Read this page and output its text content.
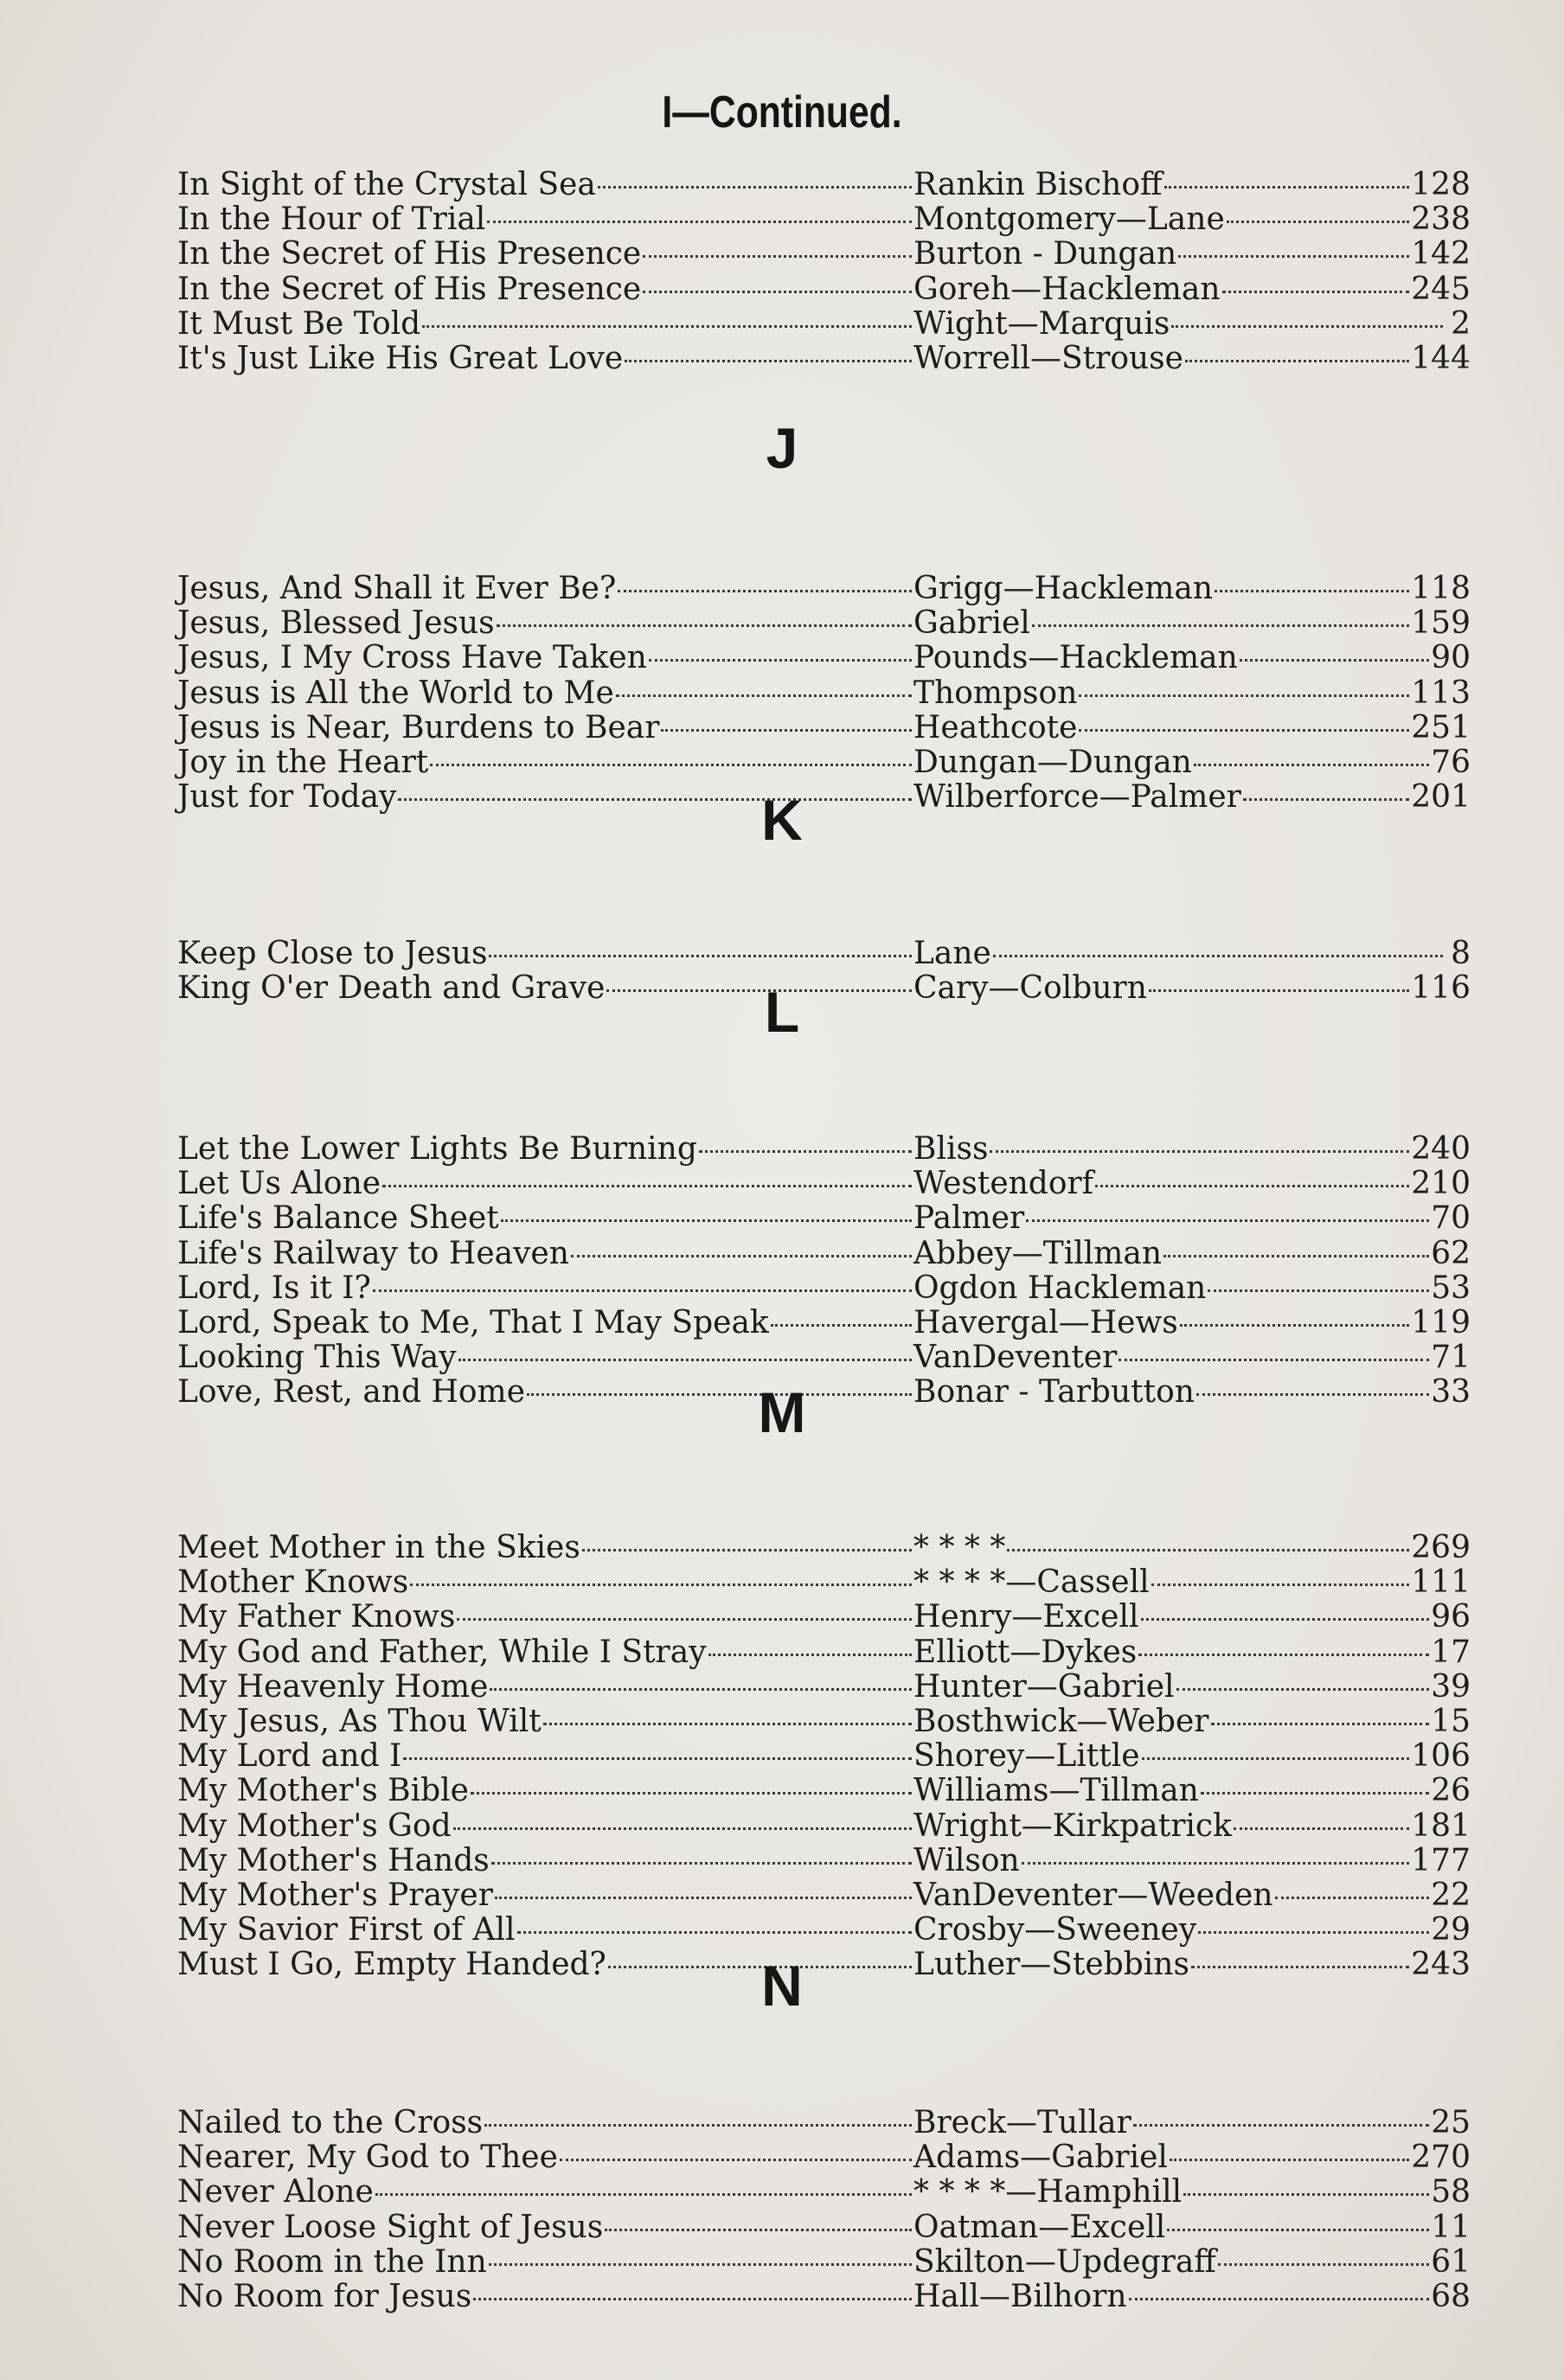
I—Continued.
In Sight of the Crystal Sea	Rankin Bischoff	128
In the Hour of Trial	Montgomery—Lane	238
In the Secret of His Presence	Burton - Dungan	142
In the Secret of His Presence	Goreh—Hackleman	245
It Must Be Told	Wight—Marquis	2
It's Just Like His Great Love	Worrell—Strouse	144
J
Jesus, And Shall it Ever Be?	Grigg—Hackleman	118
Jesus, Blessed Jesus	Gabriel	159
Jesus, I My Cross Have Taken	Pounds—Hackleman	90
Jesus is All the World to Me	Thompson	113
Jesus is Near, Burdens to Bear	Heathcote	251
Joy in the Heart	Dungan—Dungan	76
Just for Today	Wilberforce—Palmer	201
K
Keep Close to Jesus	Lane	8
King O'er Death and Grave	Cary—Colburn	116
L
Let the Lower Lights Be Burning	Bliss	240
Let Us Alone	Westendorf	210
Life's Balance Sheet	Palmer	70
Life's Railway to Heaven	Abbey—Tillman	62
Lord, Is it I?	Ogdon Hackleman	53
Lord, Speak to Me, That I May Speak	Havergal—Hews	119
Looking This Way	VanDeventer	71
Love, Rest, and Home	Bonar - Tarbutton	33
M
Meet Mother in the Skies	* * * *	269
Mother Knows	* * * *—Cassell	111
My Father Knows	Henry—Excell	96
My God and Father, While I Stray	Elliott—Dykes	17
My Heavenly Home	Hunter—Gabriel	39
My Jesus, As Thou Wilt	Bosthwick—Weber	15
My Lord and I	Shorey—Little	106
My Mother's Bible	Williams—Tillman	26
My Mother's God	Wright—Kirkpatrick	181
My Mother's Hands	Wilson	177
My Mother's Prayer	VanDeventer—Weeden	22
My Savior First of All	Crosby—Sweeney	29
Must I Go, Empty Handed?	Luther—Stebbins	243
N
Nailed to the Cross	Breck—Tullar	25
Nearer, My God to Thee	Adams—Gabriel	270
Never Alone	* * * *—Hamphill	58
Never Loose Sight of Jesus	Oatman—Excell	11
No Room in the Inn	Skilton—Updegraff	61
No Room for Jesus	Hall—Bilhorn	68
